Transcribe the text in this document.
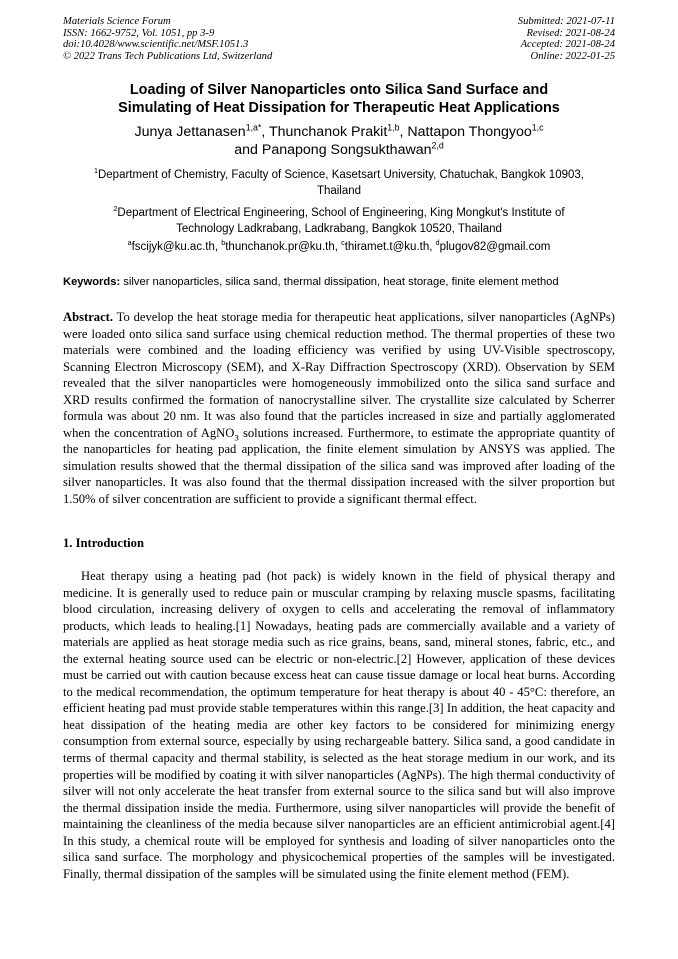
Materials Science Forum
ISSN: 1662-9752, Vol. 1051, pp 3-9
doi:10.4028/www.scientific.net/MSF.1051.3
© 2022 Trans Tech Publications Ltd, Switzerland
Submitted: 2021-07-11
Revised: 2021-08-24
Accepted: 2021-08-24
Online: 2022-01-25
Loading of Silver Nanoparticles onto Silica Sand Surface and
Simulating of Heat Dissipation for Therapeutic Heat Applications
Junya Jettanasen$^{1,a*}$, Thunchanok Prakit$^{1,b}$, Nattapon Thongyoo$^{1,c}$
and Panapong Songsukthawan$^{2,d}$
$^1$Department of Chemistry, Faculty of Science, Kasetsart University, Chatuchak, Bangkok 10903,
Thailand
$^2$Department of Electrical Engineering, School of Engineering, King Mongkut's Institute of
Technology Ladkrabang, Ladkrabang, Bangkok 10520, Thailand
$^a$fscijyk@ku.ac.th, $^b$thunchanok.pr@ku.th, $^c$thiramet.t@ku.th, $^d$plugov82@gmail.com
Keywords: silver nanoparticles, silica sand, thermal dissipation, heat storage, finite element method
Abstract. To develop the heat storage media for therapeutic heat applications, silver nanoparticles (AgNPs) were loaded onto silica sand surface using chemical reduction method. The thermal properties of these two materials were combined and the loading efficiency was verified by using UV-Visible spectroscopy, Scanning Electron Microscopy (SEM), and X-Ray Diffraction Spectroscopy (XRD). Observation by SEM revealed that the silver nanoparticles were homogeneously immobilized onto the silica sand surface and XRD results confirmed the formation of nanocrystalline silver. The crystallite size calculated by Scherrer formula was about 20 nm. It was also found that the particles increased in size and partially agglomerated when the concentration of AgNO$_3$ solutions increased. Furthermore, to estimate the appropriate quantity of the nanoparticles for heating pad application, the finite element simulation by ANSYS was applied. The simulation results showed that the thermal dissipation of the silica sand was improved after loading of the silver nanoparticles. It was also found that the thermal dissipation increased with the silver proportion but 1.50% of silver concentration are sufficient to provide a significant thermal effect.
1. Introduction
Heat therapy using a heating pad (hot pack) is widely known in the field of physical therapy and medicine. It is generally used to reduce pain or muscular cramping by relaxing muscle spasms, facilitating blood circulation, increasing delivery of oxygen to cells and accelerating the removal of inflammatory products, which leads to healing.[1] Nowadays, heating pads are commercially available and a variety of materials are applied as heat storage media such as rice grains, beans, sand, mineral stones, fabric, etc., and the external heating source used can be electric or non-electric.[2] However, application of these devices must be carried out with caution because excess heat can cause tissue damage or local heat burns. According to the medical recommendation, the optimum temperature for heat therapy is about 40 - 45°C: therefore, an efficient heating pad must provide stable temperatures within this range.[3] In addition, the heat capacity and heat dissipation of the heating media are other key factors to be considered for minimizing energy consumption from external source, especially by using rechargeable battery. Silica sand, a good candidate in terms of thermal capacity and thermal stability, is selected as the heat storage medium in our work, and its properties will be modified by coating it with silver nanoparticles (AgNPs). The high thermal conductivity of silver will not only accelerate the heat transfer from external source to the silica sand but will also improve the thermal dissipation inside the media. Furthermore, using silver nanoparticles will provide the benefit of maintaining the cleanliness of the media because silver nanoparticles are an efficient antimicrobial agent.[4] In this study, a chemical route will be employed for synthesis and loading of silver nanoparticles onto the silica sand surface. The morphology and physicochemical properties of the samples will be investigated. Finally, thermal dissipation of the samples will be simulated using the finite element method (FEM).
